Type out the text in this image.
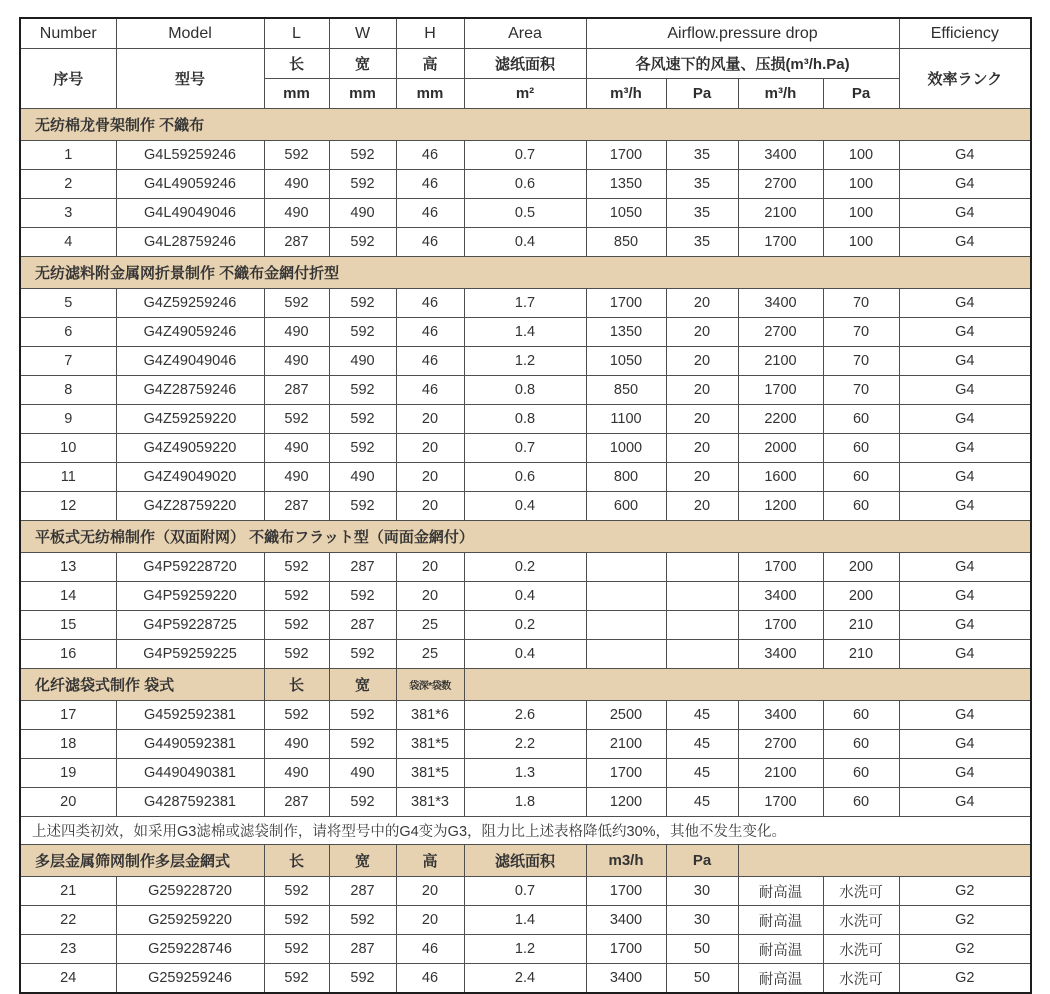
Number	Model	L	W	H	Area	Airflow.pressure drop				Efficiency
序号	型号	长	宽	高	滤纸面积	各风速下的风量、压损(m³/h.Pa)				效率ランク
		mm	mm	mm	m²	m³/h	Pa	m³/h	Pa	
无纺棉龙骨架制作 不織布										
1	G4L59259246	592	592	46	0.7	1700	35	3400	100	G4
2	G4L49059246	490	592	46	0.6	1350	35	2700	100	G4
3	G4L49049046	490	490	46	0.5	1050	35	2100	100	G4
4	G4L28759246	287	592	46	0.4	850	35	1700	100	G4
无纺滤料附金属网折景制作 不織布金網付折型										
5	G4Z59259246	592	592	46	1.7	1700	20	3400	70	G4
6	G4Z49059246	490	592	46	1.4	1350	20	2700	70	G4
7	G4Z49049046	490	490	46	1.2	1050	20	2100	70	G4
8	G4Z28759246	287	592	46	0.8	850	20	1700	70	G4
9	G4Z59259220	592	592	20	0.8	1100	20	2200	60	G4
10	G4Z49059220	490	592	20	0.7	1000	20	2000	60	G4
11	G4Z49049020	490	490	20	0.6	800	20	1600	60	G4
12	G4Z28759220	287	592	20	0.4	600	20	1200	60	G4
平板式无纺棉制作（双面附网） 不織布フラット型（両面金網付）										
13	G4P59228720	592	287	20	0.2			1700	200	G4
14	G4P59259220	592	592	20	0.4			3400	200	G4
15	G4P59228725	592	287	25	0.2			1700	210	G4
16	G4P59259225	592	592	25	0.4			3400	210	G4
化纤滤袋式制作 袋式		长	宽	袋深*袋数						
17	G4592592381	592	592	381*6	2.6	2500	45	3400	60	G4
18	G4490592381	490	592	381*5	2.2	2100	45	2700	60	G4
19	G4490490381	490	490	381*5	1.3	1700	45	2100	60	G4
20	G4287592381	287	592	381*3	1.8	1200	45	1700	60	G4
上述四类初效，如采用G3滤棉或滤袋制作，请将型号中的G4变为G3，阻力比上述表格降低约30%，其他不发生变化。										
多层金属筛网制作多层金網式		长	宽	高	滤纸面积	m3/h	Pa			
21	G259228720	592	287	20	0.7	1700	30	耐高温	水洗可	G2
22	G259259220	592	592	20	1.4	3400	30	耐高温	水洗可	G2
23	G259228746	592	287	46	1.2	1700	50	耐高温	水洗可	G2
24	G259259246	592	592	46	2.4	3400	50	耐高温	水洗可	G2
